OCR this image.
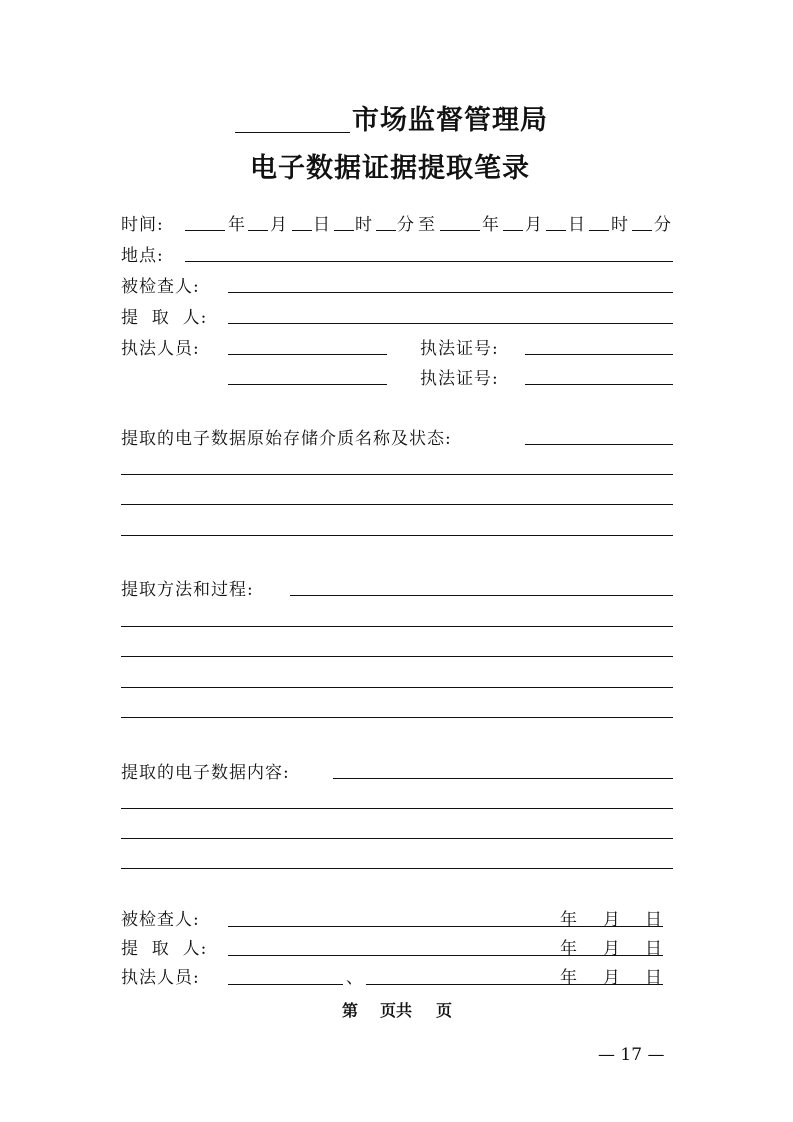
市场监督管理局
电子数据证据提取笔录
时间:	年 月 日 时 分 至	年 月 日 时 分
地点:
被检查人:
提  取  人:
执法人员:	执法证号:
执法证号:
提取的电子数据原始存储介质名称及状态:
提取方法和过程:
提取的电子数据内容:
被检查人:	年 月 日
提  取  人:	年 月 日
执法人员:	、	年 月 日
第 页共 页
— 17 —
